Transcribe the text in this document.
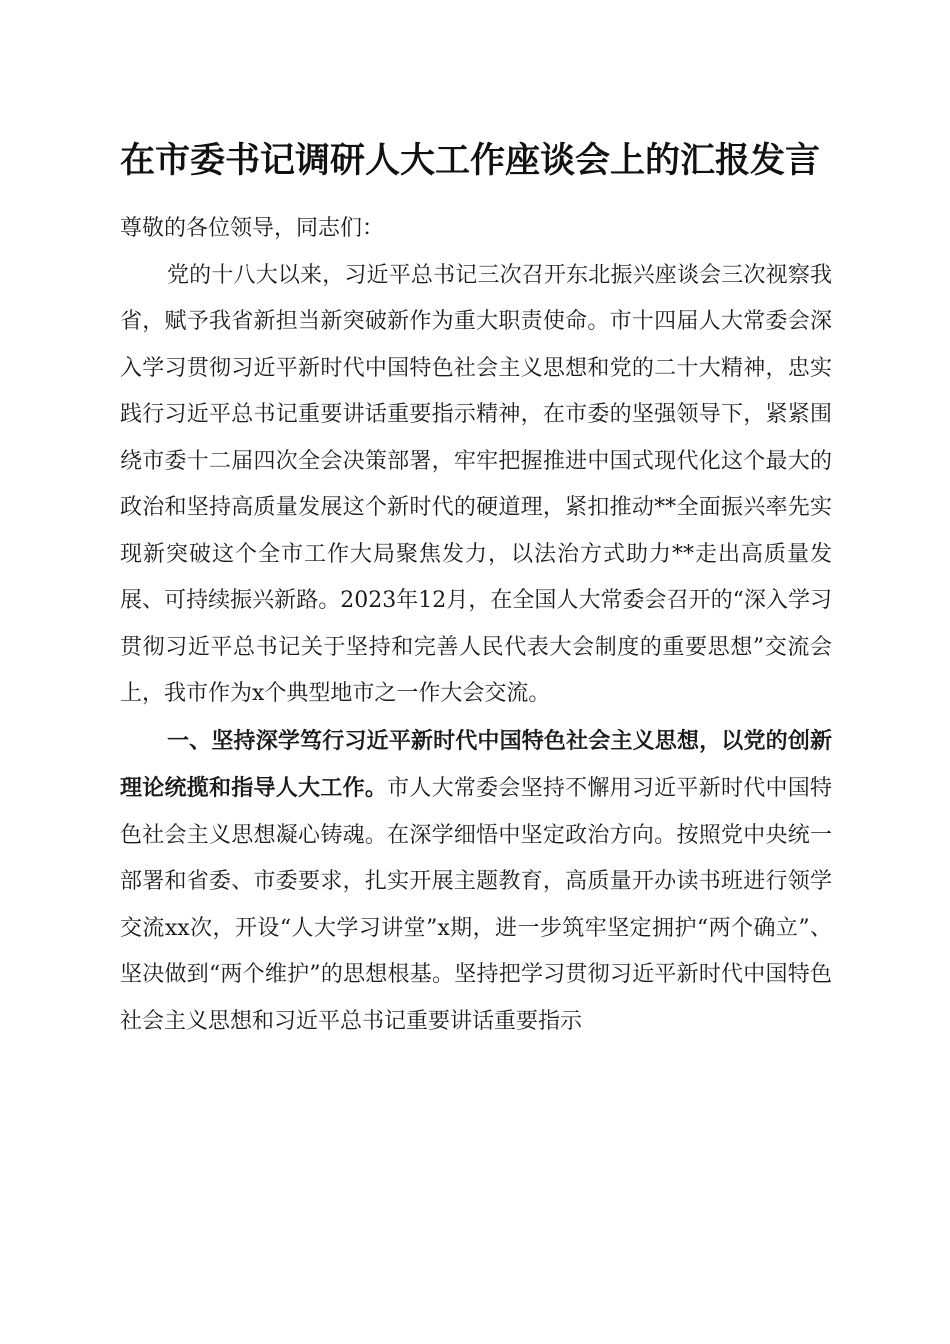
在市委书记调研人大工作座谈会上的汇报发言

尊敬的各位领导，同志们：

党的十八大以来，习近平总书记三次召开东北振兴座谈会三次视察我省，赋予我省新担当新突破新作为重大职责使命。市十四届人大常委会深入学习贯彻习近平新时代中国特色社会主义思想和党的二十大精神，忠实践行习近平总书记重要讲话重要指示精神，在市委的坚强领导下，紧紧围绕市委十二届四次全会决策部署，牢牢把握推进中国式现代化这个最大的政治和坚持高质量发展这个新时代的硬道理，紧扣推动**全面振兴率先实现新突破这个全市工作大局聚焦发力，以法治方式助力**走出高质量发展、可持续振兴新路。2023年12月，在全国人大常委会召开的“深入学习贯彻习近平总书记关于坚持和完善人民代表大会制度的重要思想”交流会上，我市作为x个典型地市之一作大会交流。

一、坚持深学笃行习近平新时代中国特色社会主义思想，以党的创新理论统揽和指导人大工作。市人大常委会坚持不懈用习近平新时代中国特色社会主义思想凝心铸魂。在深学细悟中坚定政治方向。按照党中央统一部署和省委、市委要求，扎实开展主题教育，高质量开办读书班进行领学交流xx次，开设“人大学习讲堂”x期，进一步筑牢坚定拥护“两个确立”、坚决做到“两个维护”的思想根基。坚持把学习贯彻习近平新时代中国特色社会主义思想和习近平总书记重要讲话重要指示
